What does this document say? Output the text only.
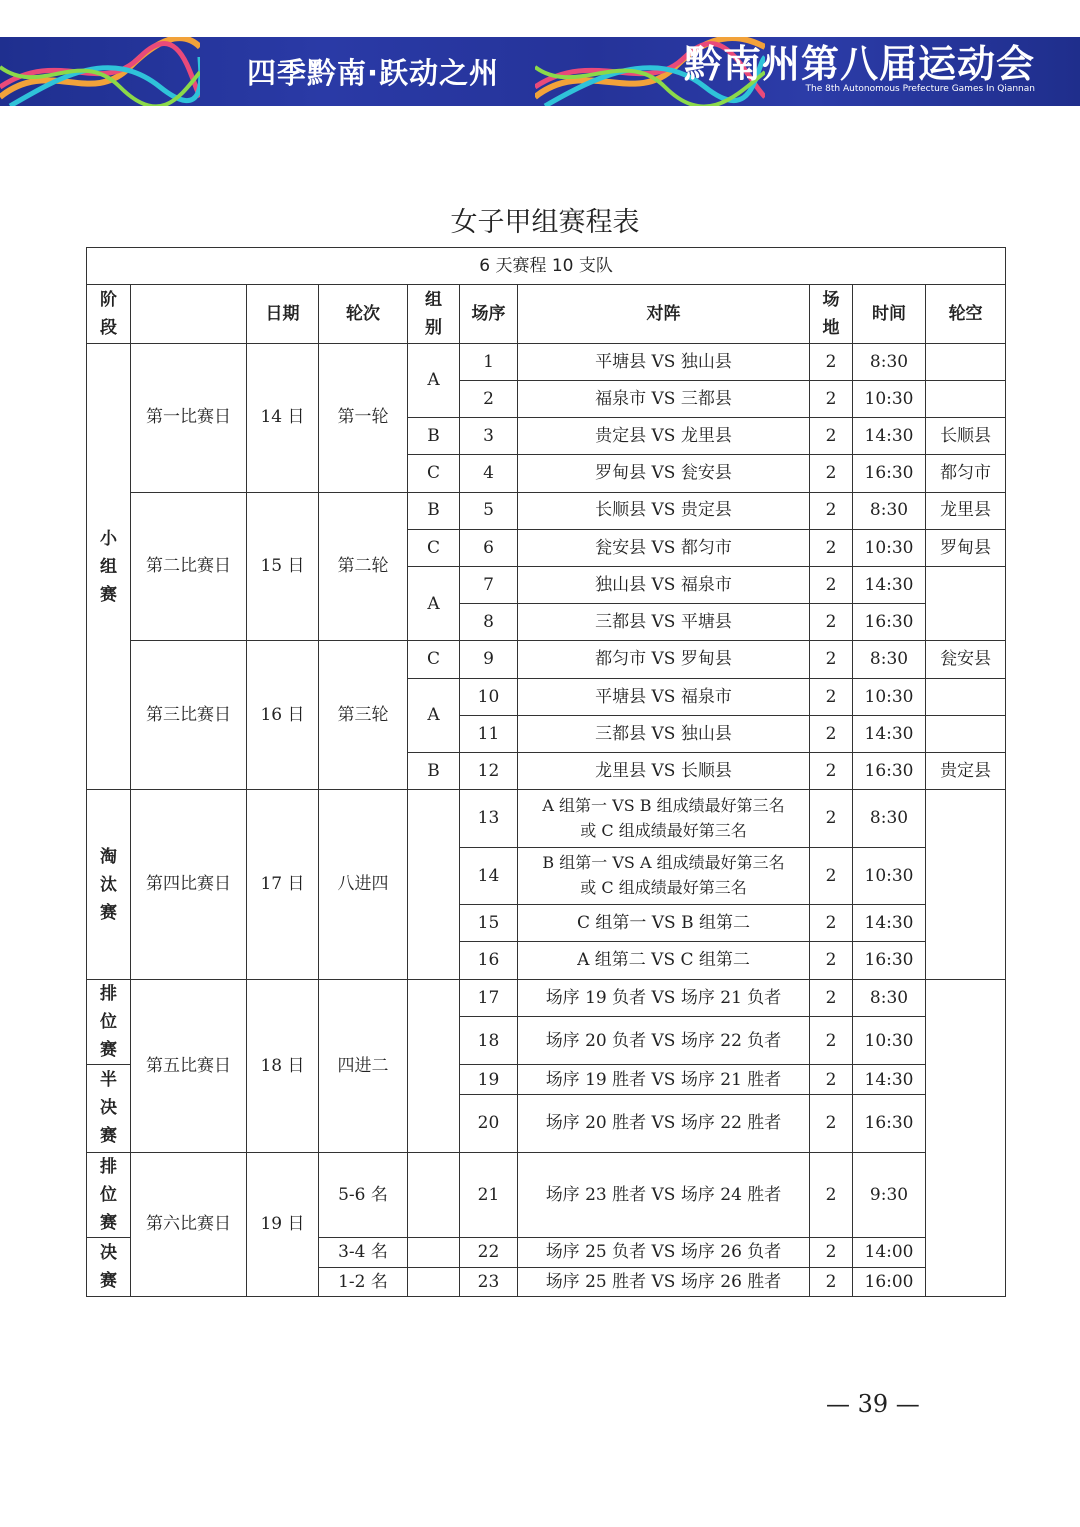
四季黔南·跃动之州	黔南州第八届运动会
The 8th Autonomous Prefecture Games In Qiannan
女子甲组赛程表
6 天赛程 10 支队									
阶段		日期	轮次	组别	场序	对阵	场地	时间	轮空
小组赛	第一比赛日	14 日	第一轮	A	1	平塘县 VS 独山县	2	8:30	
					2	福泉市 VS 三都县	2	10:30	
				B	3	贵定县 VS 龙里县	2	14:30	长顺县
				C	4	罗甸县 VS 瓮安县	2	16:30	都匀市
	第二比赛日	15 日	第二轮	B	5	长顺县 VS 贵定县	2	8:30	龙里县
				C	6	瓮安县 VS 都匀市	2	10:30	罗甸县
				A	7	独山县 VS 福泉市	2	14:30	
					8	三都县 VS 平塘县	2	16:30	
	第三比赛日	16 日	第三轮	C	9	都匀市 VS 罗甸县	2	8:30	瓮安县
				A	10	平塘县 VS 福泉市	2	10:30	
					11	三都县 VS 独山县	2	14:30	
				B	12	龙里县 VS 长顺县	2	16:30	贵定县
淘汰赛	第四比赛日	17 日	八进四		13	A 组第一 VS B 组成绩最好第三名
或 C 组成绩最好第三名	2	8:30	
					14	B 组第一 VS A 组成绩最好第三名
或 C 组成绩最好第三名	2	10:30	
					15	C 组第一 VS B 组第二	2	14:30	
					16	A 组第二 VS C 组第二	2	16:30	
排位赛	第五比赛日	18 日	四进二		17	场序 19 负者 VS 场序 21 负者	2	8:30	
					18	场序 20 负者 VS 场序 22 负者	2	10:30	
半决赛					19	场序 19 胜者 VS 场序 21 胜者	2	14:30	
					20	场序 20 胜者 VS 场序 22 胜者	2	16:30	
排位赛	第六比赛日	19 日	5-6 名		21	场序 23 胜者 VS 场序 24 胜者	2	9:30	
决赛			3-4 名		22	场序 25 负者 VS 场序 26 负者	2	14:00	
			1-2 名		23	场序 25 胜者 VS 场序 26 胜者	2	16:00	
— 39 —
